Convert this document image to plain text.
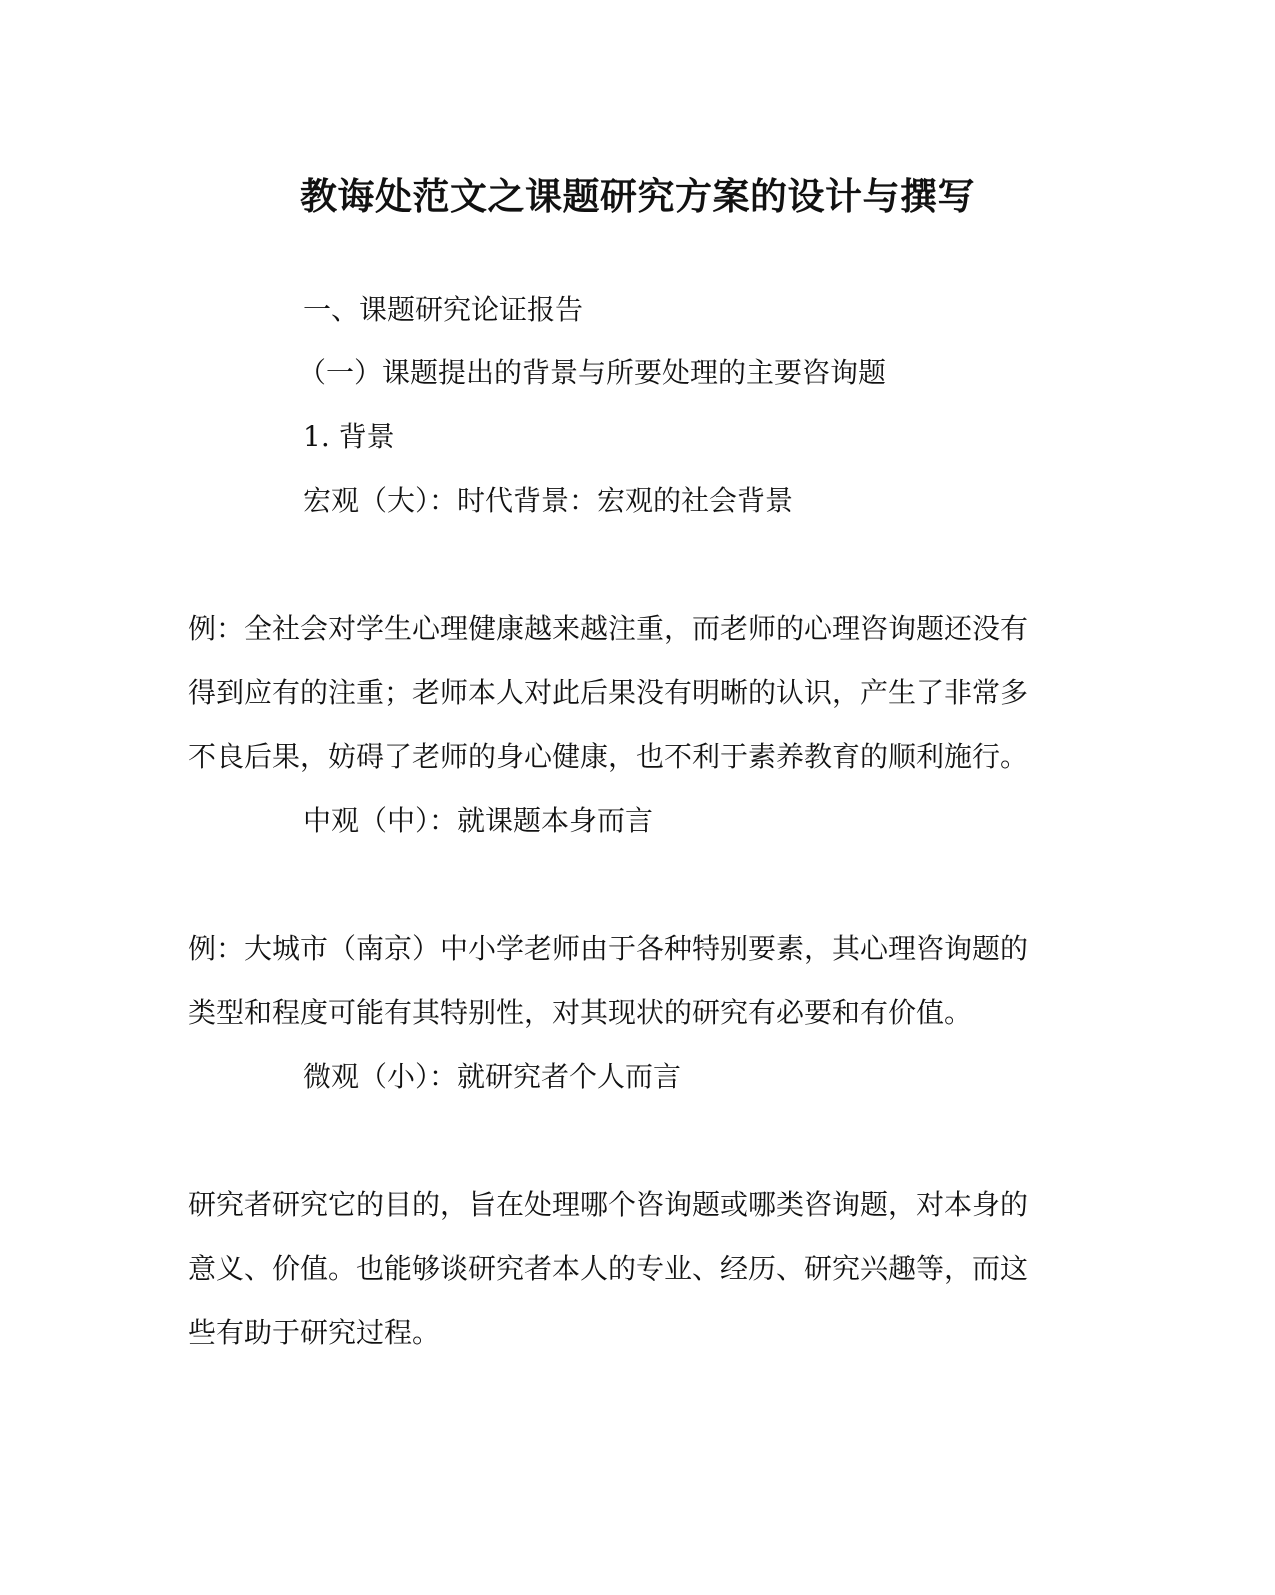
教诲处范文之课题研究方案的设计与撰写
一、课题研究论证报告
（一）课题提出的背景与所要处理的主要咨询题
1. 背景
宏观（大）：时代背景：宏观的社会背景
例：全社会对学生心理健康越来越注重，而老师的心理咨询题还没有
得到应有的注重；老师本人对此后果没有明晰的认识，产生了非常多
不良后果，妨碍了老师的身心健康，也不利于素养教育的顺利施行。
中观（中）：就课题本身而言
例：大城市（南京）中小学老师由于各种特别要素，其心理咨询题的
类型和程度可能有其特别性，对其现状的研究有必要和有价值。
微观（小）：就研究者个人而言
研究者研究它的目的，旨在处理哪个咨询题或哪类咨询题，对本身的
意义、价值。也能够谈研究者本人的专业、经历、研究兴趣等，而这
些有助于研究过程。
